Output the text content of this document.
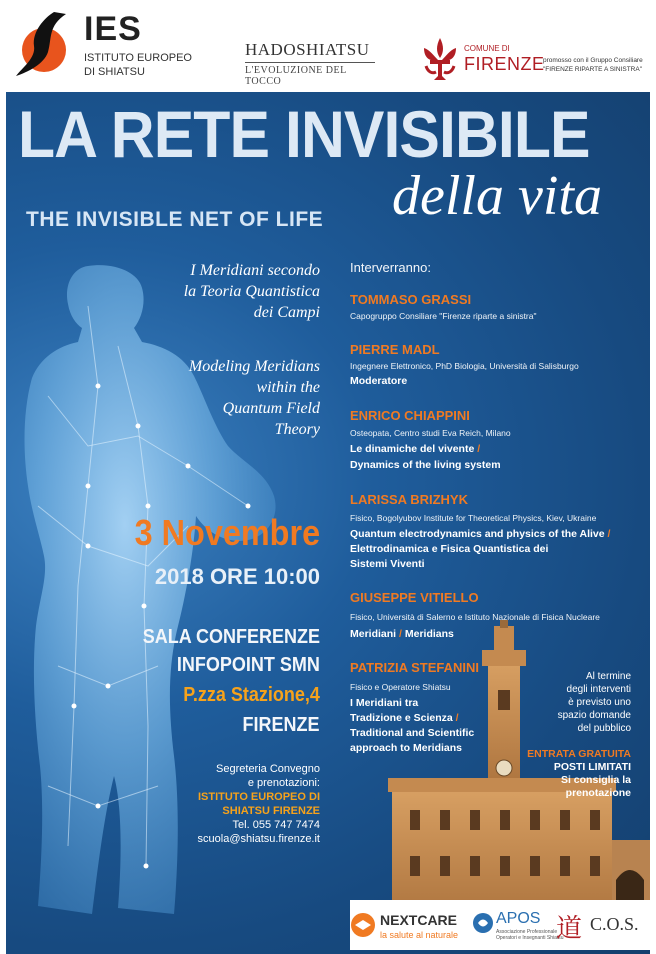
IES
ISTITUTO EUROPEO
DI SHIATSU
HADOSHIATSU
L'EVOLUZIONE DEL TOCCO
COMUNE DI
FIRENZE
promosso con il Gruppo Consiliare "FIRENZE RIPARTE A SINISTRA"
LA RETE INVISIBILE
della vita
THE INVISIBLE NET OF LIFE
I Meridiani secondo
la Teoria Quantistica
dei Campi
Modeling Meridians
within the
Quantum Field
Theory
3 Novembre
2018 ORE 10:00
SALA CONFERENZE
INFOPOINT SMN
P.zza Stazione,4
FIRENZE
Segreteria Convegno
e prenotazioni:
ISTITUTO EUROPEO DI
SHIATSU FIRENZE
Tel. 055 747 7474
scuola@shiatsu.firenze.it
Interverranno:
TOMMASO GRASSI
Capogruppo Consiliare "Firenze riparte a sinistra"
PIERRE MADL
Ingegnere Elettronico, PhD Biologia, Università di Salisburgo
Moderatore
ENRICO CHIAPPINI
Osteopata, Centro studi Eva Reich, Milano
Le dinamiche del vivente /
Dynamics of the living system
LARISSA BRIZHYK
Fisico, Bogolyubov Institute for Theoretical Physics, Kiev, Ukraine
Quantum electrodynamics and physics of the Alive /
Elettrodinamica e Fisica Quantistica dei
Sistemi Viventi
GIUSEPPE VITIELLO
Fisico, Università di Salerno e Istituto Nazionale di Fisica Nucleare
Meridiani / Meridians
PATRIZIA STEFANINI
Fisico e Operatore Shiatsu
I Meridiani tra
Tradizione e Scienza /
Traditional and Scientific
approach to Meridians
Al termine
degli interventi
è previsto uno
spazio domande
del pubblico
ENTRATA GRATUITA
POSTI LIMITATI
Si consiglia la
prenotazione
NEXTCARE
la salute al naturale
APOS
Associazione Professionale
Operatori e Insegnanti Shiatsu
道 C.O.S.
